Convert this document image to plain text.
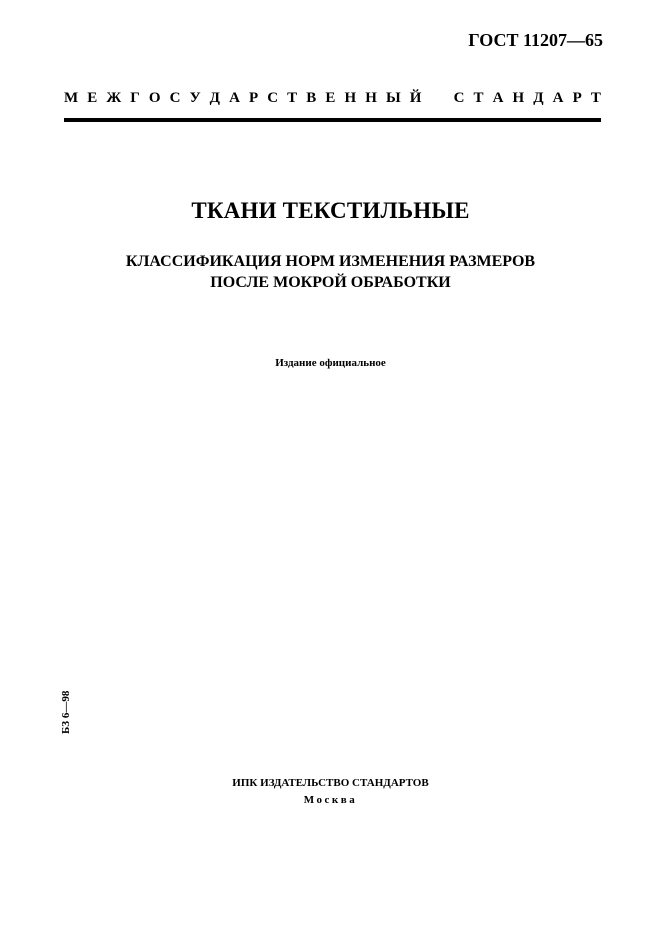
ГОСТ 11207—65
М Е Ж Г О С У Д А Р С Т В Е Н Н Ы Й
С Т А Н Д А Р Т
ТКАНИ ТЕКСТИЛЬНЫЕ
КЛАССИФИКАЦИЯ НОРМ ИЗМЕНЕНИЯ РАЗМЕРОВ
ПОСЛЕ МОКРОЙ ОБРАБОТКИ
Издание официальное
БЗ 6—98
ИПК ИЗДАТЕЛЬСТВО СТАНДАРТОВ
Москва
